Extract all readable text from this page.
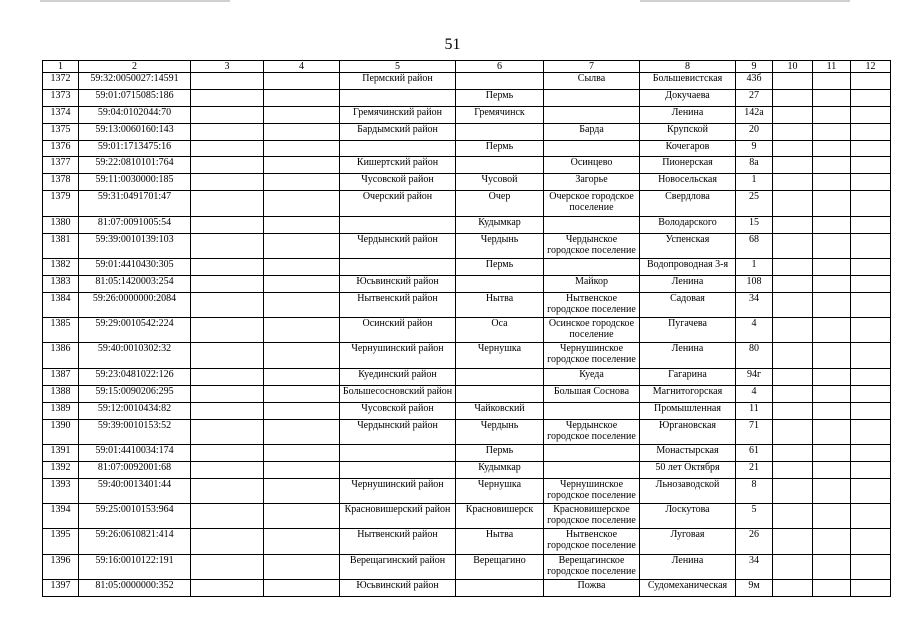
51
1	2	3	4	5	6	7	8	9	10	11	12
1372	59:32:0050027:14591			Пермский район		Сылва	Большевистская	43б			
1373	59:01:0715085:186				Пермь		Докучаева	27			
1374	59:04:0102044:70			Гремячинский район	Гремячинск		Ленина	142а			
1375	59:13:0060160:143			Бардымский район		Барда	Крупской	20			
1376	59:01:1713475:16				Пермь		Кочегаров	9			
1377	59:22:0810101:764			Кишертский район		Осинцево	Пионерская	8а			
1378	59:11:0030000:185			Чусовской район	Чусовой	Загорье	Новосельская	1			
1379	59:31:0491701:47			Очерский район	Очер	Очерское городское поселение	Свердлова	25			
1380	81:07:0091005:54				Кудымкар		Володарского	15			
1381	59:39:0010139:103			Чердынский район	Чердынь	Чердынское городское поселение	Успенская	68			
1382	59:01:4410430:305				Пермь		Водопроводная 3-я	1			
1383	81:05:1420003:254			Юсьвинский район		Майкор	Ленина	108			
1384	59:26:0000000:2084			Нытвенский район	Нытва	Нытвенское городское поселение	Садовая	34			
1385	59:29:0010542:224			Осинский район	Оса	Осинское городское поселение	Пугачева	4			
1386	59:40:0010302:32			Чернушинский район	Чернушка	Чернушинское городское поселение	Ленина	80			
1387	59:23:0481022:126			Куединский район		Куеда	Гагарина	94г			
1388	59:15:0090206:295			Большесосновский район		Большая Соснова	Магнитогорская	4			
1389	59:12:0010434:82			Чусовской район	Чайковский		Промышленная	11			
1390	59:39:0010153:52			Чердынский район	Чердынь	Чердынское городское поселение	Юргановская	71			
1391	59:01:4410034:174				Пермь		Монастырская	61			
1392	81:07:0092001:68				Кудымкар		50 лет Октября	21			
1393	59:40:0013401:44			Чернушинский район	Чернушка	Чернушинское городское поселение	Льнозаводской	8			
1394	59:25:0010153:964			Красновишерский район	Красновишерск	Красновишерское городское поселение	Лоскутова	5			
1395	59:26:0610821:414			Нытвенский район	Нытва	Нытвенское городское поселение	Луговая	26			
1396	59:16:0010122:191			Верещагинский район	Верещагино	Верещагинское городское поселение	Ленина	34			
1397	81:05:0000000:352			Юсьвинский район		Пожва	Судомеханическая	9м			
